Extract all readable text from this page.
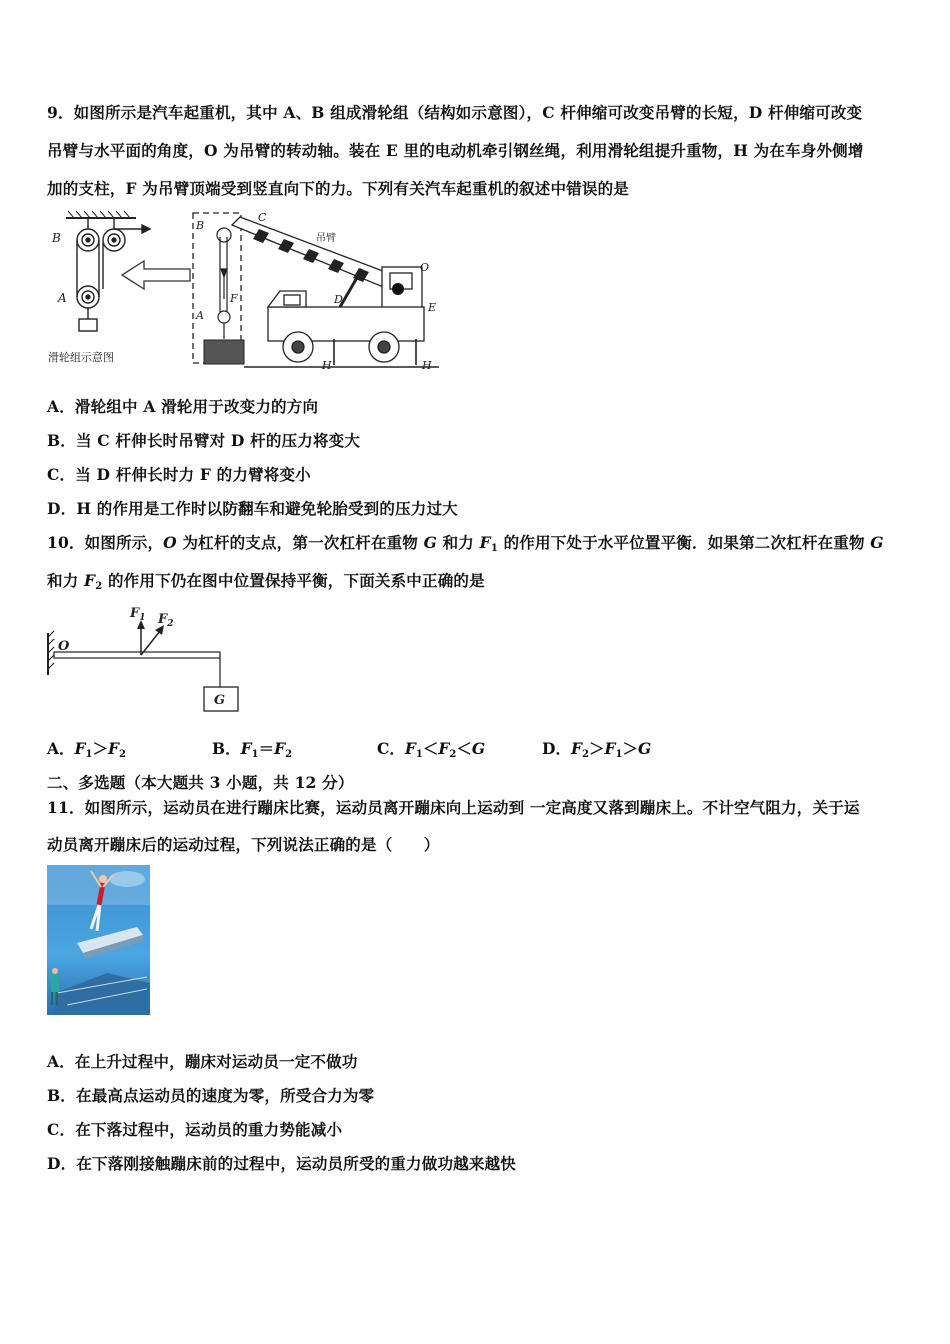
9．如图所示是汽车起重机，其中 A、B 组成滑轮组（结构如示意图），C 杆伸缩可改变吊臂的长短，D 杆伸缩可改变
吊臂与水平面的角度，O 为吊臂的转动轴。装在 E 里的电动机牵引钢丝绳，利用滑轮组提升重物，H 为在车身外侧增
加的支柱，F 为吊臂顶端受到竖直向下的力。下列有关汽车起重机的叙述中错误的是
B
A
滑轮组示意图
B
A
F
C
吊臂
O
E
D
H	H
A．滑轮组中 A 滑轮用于改变力的方向
B．当 C 杆伸长时吊臂对 D 杆的压力将变大
C．当 D 杆伸长时力 F 的力臂将变小
D．H 的作用是工作时以防翻车和避免轮胎受到的压力过大
10．如图所示，O 为杠杆的支点，第一次杠杆在重物 G 和力 $F_1$ 的作用下处于水平位置平衡．如果第二次杠杆在重物 G
和力 $F_2$ 的作用下仍在图中位置保持平衡，下面关系中正确的是
G
O
$F_1$ $F_2$
A．$F_1>F_2$	B．$F_1=F_2$	C．$F_1<F_2<G$	D．$F_2>F_1>G$
二、多选题（本大题共 3 小题，共 12 分）
11．如图所示，运动员在进行蹦床比赛，运动员离开蹦床向上运动到 一定高度又落到蹦床上。不计空气阻力，关于运
动员离开蹦床后的运动过程，下列说法正确的是（　　）
A．在上升过程中，蹦床对运动员一定不做功
B．在最高点运动员的速度为零，所受合力为零
C．在下落过程中，运动员的重力势能减小
D．在下落刚接触蹦床前的过程中，运动员所受的重力做功越来越快
